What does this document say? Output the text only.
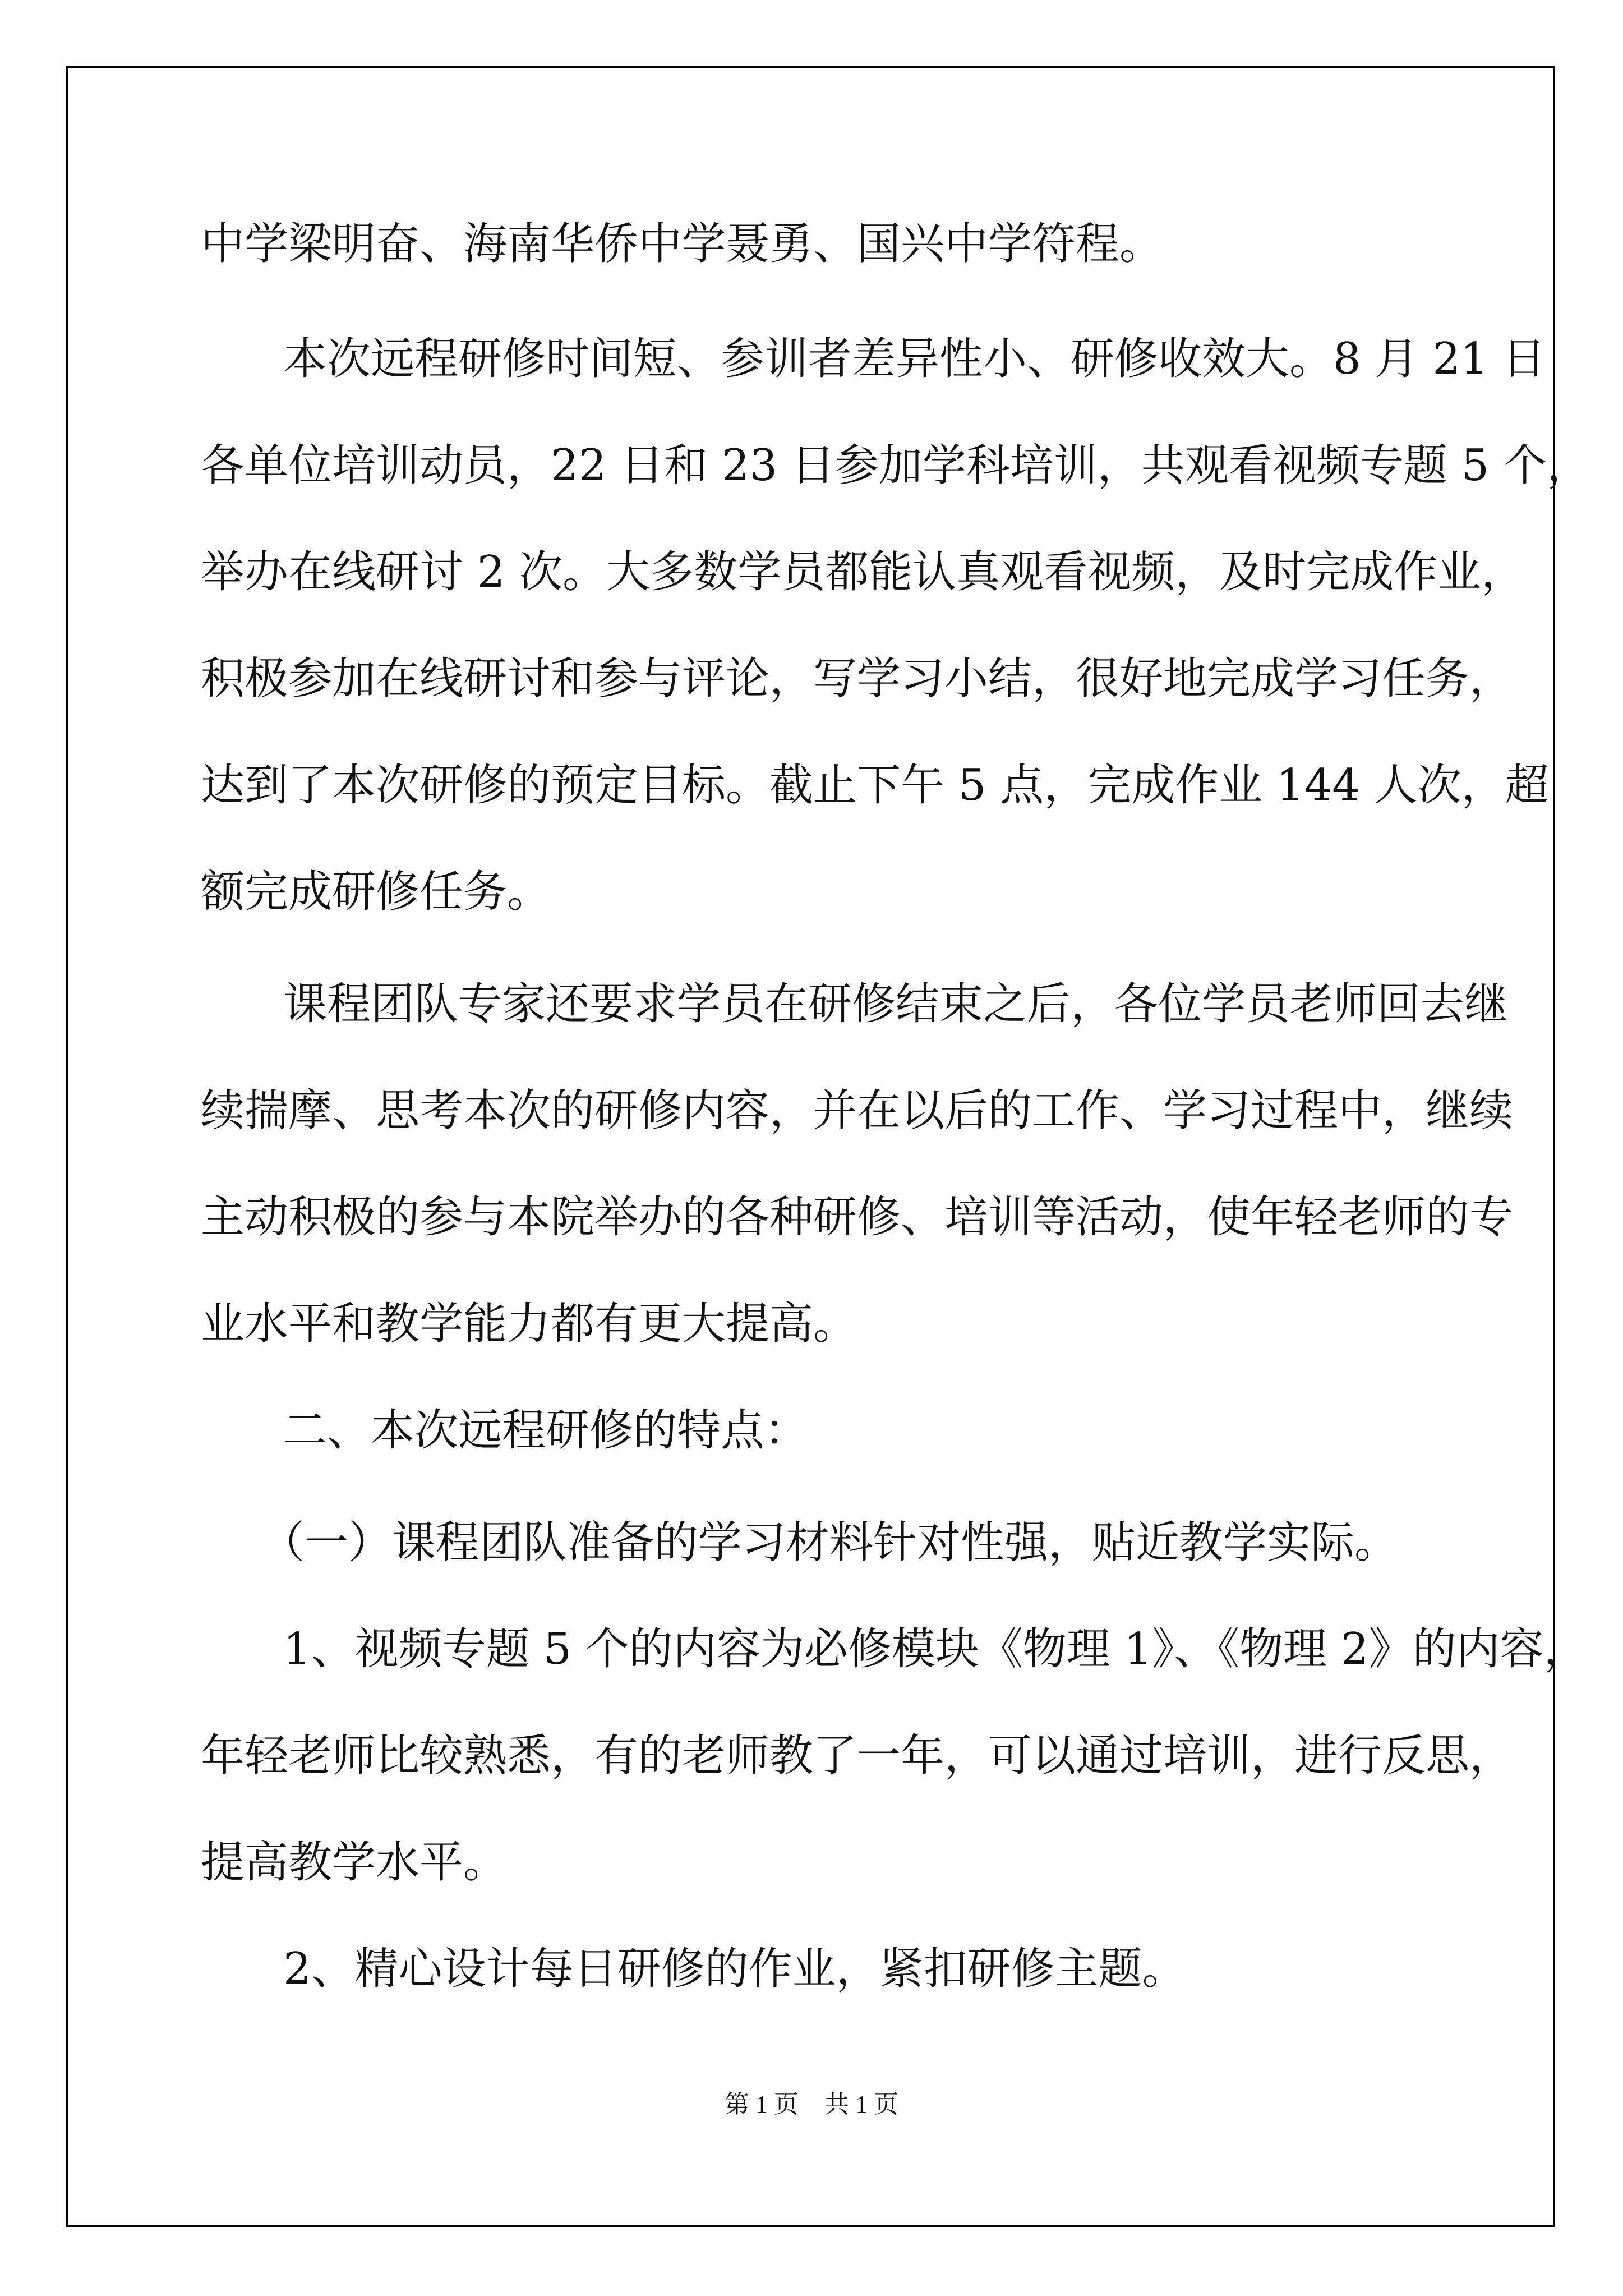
中学梁明奋、海南华侨中学聂勇、国兴中学符程。
本次远程研修时间短、参训者差异性小、研修收效大。8 月 21 日
各单位培训动员，22 日和 23 日参加学科培训，共观看视频专题 5 个，
举办在线研讨 2 次。大多数学员都能认真观看视频，及时完成作业，
积极参加在线研讨和参与评论，写学习小结，很好地完成学习任务，
达到了本次研修的预定目标。截止下午 5 点，完成作业 144 人次，超
额完成研修任务。
课程团队专家还要求学员在研修结束之后，各位学员老师回去继
续揣摩、思考本次的研修内容，并在以后的工作、学习过程中，继续
主动积极的参与本院举办的各种研修、培训等活动，使年轻老师的专
业水平和教学能力都有更大提高。
二、本次远程研修的特点：
（一）课程团队准备的学习材料针对性强，贴近教学实际。
1、视频专题 5 个的内容为必修模块《物理 1》、《物理 2》的内容，
年轻老师比较熟悉，有的老师教了一年，可以通过培训，进行反思，
提高教学水平。
2、精心设计每日研修的作业，紧扣研修主题。
第 1 页 共 1 页
